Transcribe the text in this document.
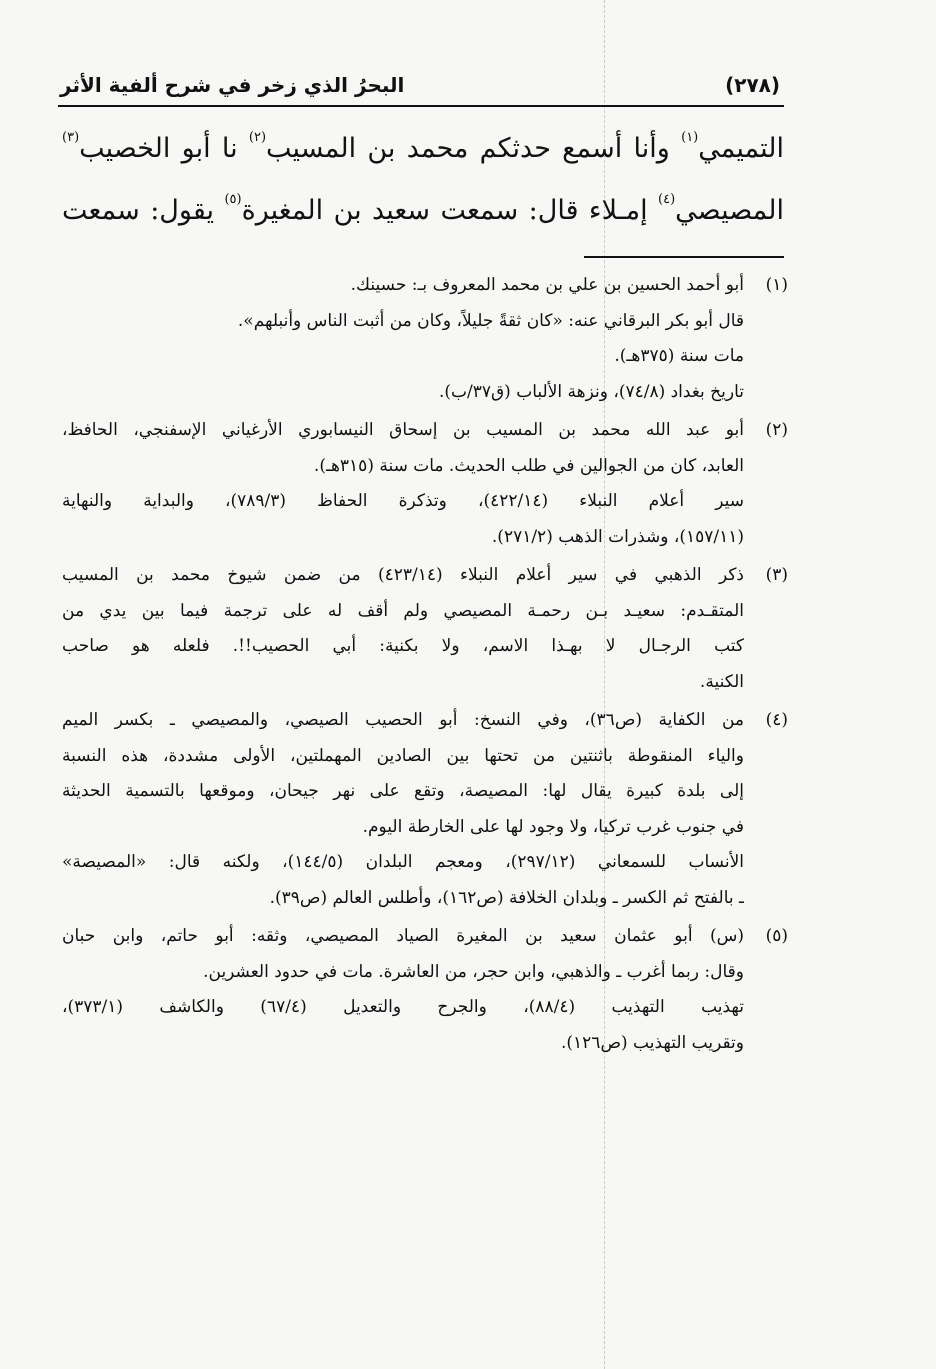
(٢٧٨)
البحرُ الذي زخر في شرح ألفية الأثر

التميمي$^{(١)}$ وأنا أسمع حدثكم محمد بن المسيب$^{(٢)}$ نا أبو الخصيب$^{(٣)}$

المصيصي$^{(٤)}$ إمـلاء قال: سمعت سعيد بن المغيرة$^{(٥)}$ يقول: سمعت

(١)
أبو أحمد الحسين بن علي بن محمد المعروف بـ: حسينك.
قال أبو بكر البرقاني عنه: «كان ثقةً جليلاً، وكان من أثبت الناس وأنبلهم».
مات سنة (٣٧٥هـ).
تاريخ بغداد (٧٤/٨)، ونزهة الألباب (ق٣٧/ب).
(٢)
أبو عبد الله محمد بن المسيب بن إسحاق النيسابوري الأرغياني الإسفنجي، الحافظ،
العابد، كان من الجوالين في طلب الحديث. مات سنة (٣١٥هـ).
سير أعلام النبلاء (٤٢٢/١٤)، وتذكرة الحفاظ (٧٨٩/٣)، والبداية والنهاية
(١٥٧/١١)، وشذرات الذهب (٢٧١/٢).
(٣)
ذكر الذهبي في سير أعلام النبلاء (٤٢٣/١٤) من ضمن شيوخ محمد بن المسيب
المتقـدم: سعيـد بـن رحمـة المصيصي ولم أقف له على ترجمة فيما بين يدي من
كتب الرجـال لا بهـذا الاسم، ولا بكنية: أبي الحصيب!!. فلعله هو صاحب
الكنية.
(٤)
من الكفاية (ص٣٦)، وفي النسخ: أبو الحصيب الصيصي، والمصيصي ـ بكسر الميم
والياء المنقوطة باثنتين من تحتها بين الصادين المهملتين، الأولى مشددة، هذه النسبة
إلى بلدة كبيرة يقال لها: المصيصة، وتقع على نهر جيحان، وموقعها بالتسمية الحديثة
في جنوب غرب تركيا، ولا وجود لها على الخارطة اليوم.
الأنساب للسمعاني (٢٩٧/١٢)، ومعجم البلدان (١٤٤/٥)، ولكنه قال: «المصيصة»
ـ بالفتح ثم الكسر ـ وبلدان الخلافة (ص١٦٢)، وأطلس العالم (ص٣٩).
(٥)
(س) أبو عثمان سعيد بن المغيرة الصياد المصيصي، وثقه: أبو حاتم، وابن حبان
وقال: ربما أغرب ـ والذهبي، وابن حجر، من العاشرة. مات في حدود العشرين.
تهذيب التهذيب (٨٨/٤)، والجرح والتعديل (٦٧/٤) والكاشف (٣٧٣/١)،
وتقريب التهذيب (ص١٢٦).
